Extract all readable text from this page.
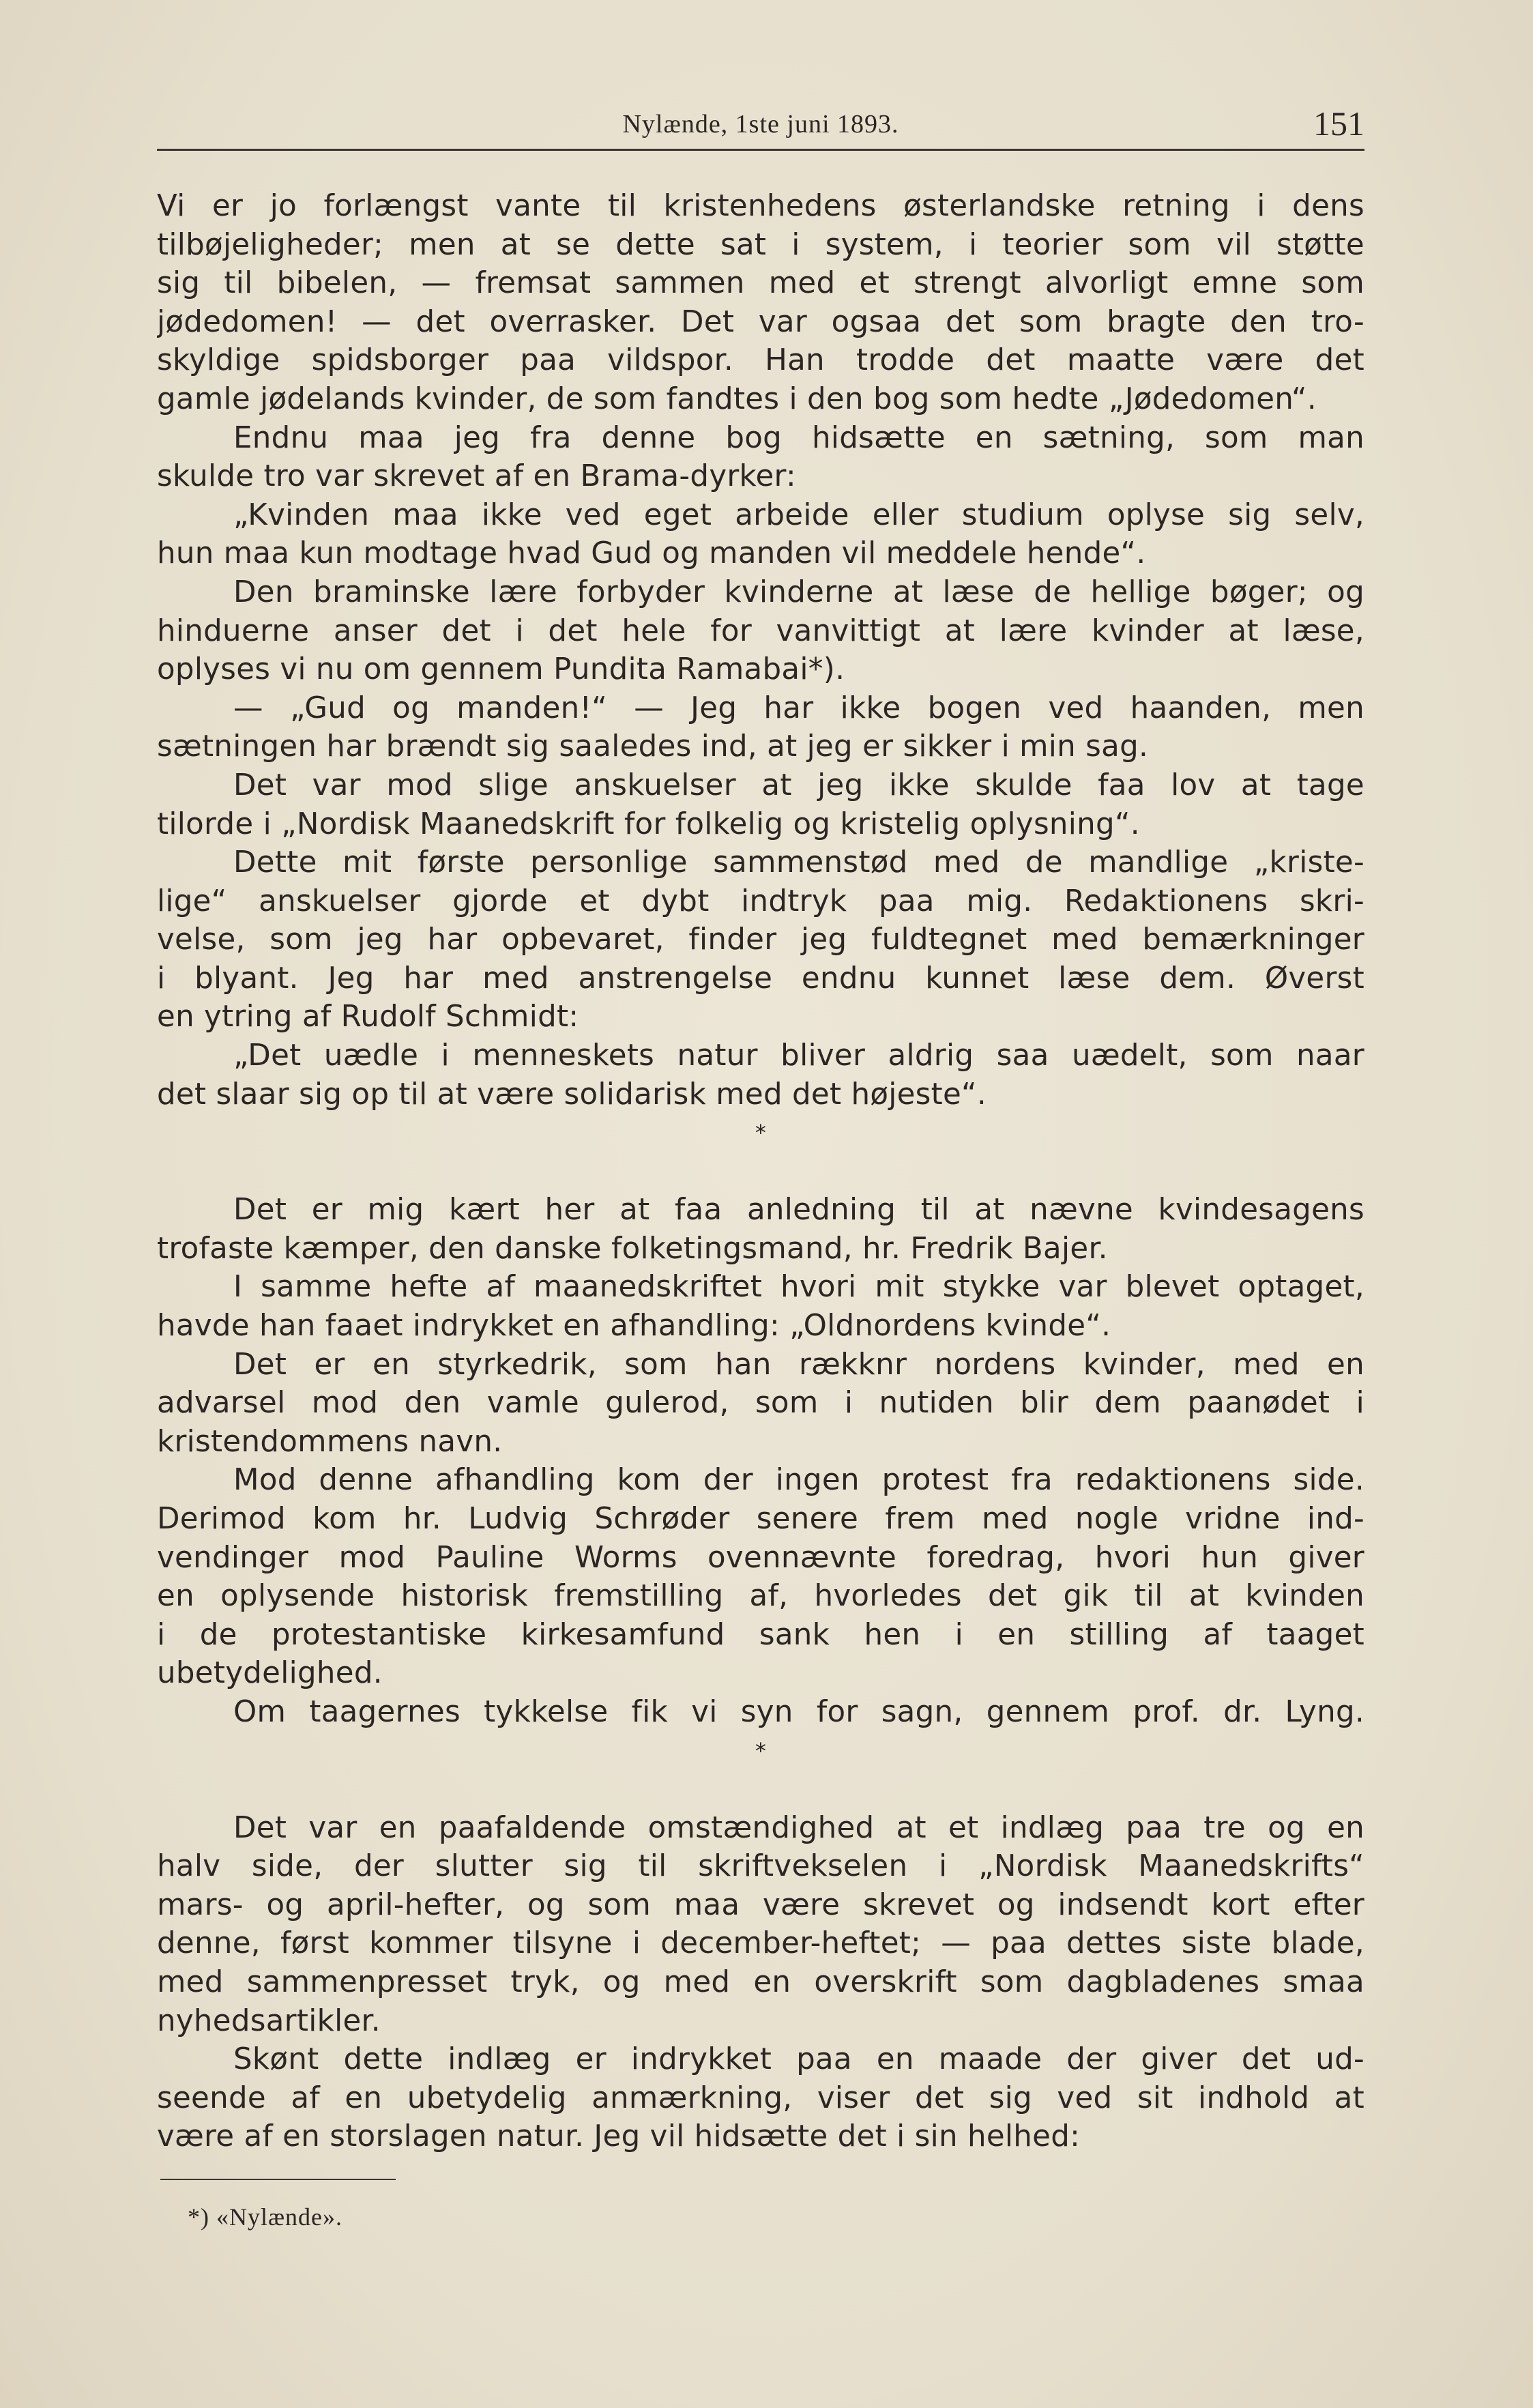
Nylænde, 1ste juni 1893.	151
Vi er jo forlængst vante til kristenhedens østerlandske retning i dens
tilbøjeligheder; men at se dette sat i system, i teorier som vil støtte
sig til bibelen, — fremsat sammen med et strengt alvorligt emne som
jødedomen! — det overrasker. Det var ogsaa det som bragte den tro-
skyldige spidsborger paa vildspor. Han trodde det maatte være det
gamle jødelands kvinder, de som fandtes i den bog som hedte „Jødedomen“.
Endnu maa jeg fra denne bog hidsætte en sætning, som man
skulde tro var skrevet af en Brama-dyrker:
„Kvinden maa ikke ved eget arbeide eller studium oplyse sig selv,
hun maa kun modtage hvad Gud og manden vil meddele hende“.
Den braminske lære forbyder kvinderne at læse de hellige bøger; og
hinduerne anser det i det hele for vanvittigt at lære kvinder at læse,
oplyses vi nu om gennem Pundita Ramabai*).
— „Gud og manden!“ — Jeg har ikke bogen ved haanden, men
sætningen har brændt sig saaledes ind, at jeg er sikker i min sag.
Det var mod slige anskuelser at jeg ikke skulde faa lov at tage
tilorde i „Nordisk Maanedskrift for folkelig og kristelig oplysning“.
Dette mit første personlige sammenstød med de mandlige „kriste-
lige“ anskuelser gjorde et dybt indtryk paa mig. Redaktionens skri-
velse, som jeg har opbevaret, finder jeg fuldtegnet med bemærkninger
i blyant. Jeg har med anstrengelse endnu kunnet læse dem. Øverst
en ytring af Rudolf Schmidt:
„Det uædle i menneskets natur bliver aldrig saa uædelt, som naar
det slaar sig op til at være solidarisk med det højeste“.
*
Det er mig kært her at faa anledning til at nævne kvindesagens
trofaste kæmper, den danske folketingsmand, hr. Fredrik Bajer.
I samme hefte af maanedskriftet hvori mit stykke var blevet optaget,
havde han faaet indrykket en afhandling: „Oldnordens kvinde“.
Det er en styrkedrik, som han rækknr nordens kvinder, med en
advarsel mod den vamle gulerod, som i nutiden blir dem paanødet i
kristendommens navn.
Mod denne afhandling kom der ingen protest fra redaktionens side.
Derimod kom hr. Ludvig Schrøder senere frem med nogle vridne ind-
vendinger mod Pauline Worms ovennævnte foredrag, hvori hun giver
en oplysende historisk fremstilling af, hvorledes det gik til at kvinden
i de protestantiske kirkesamfund sank hen i en stilling af taaget
ubetydelighed.
Om taagernes tykkelse fik vi syn for sagn, gennem prof. dr. Lyng.
*
Det var en paafaldende omstændighed at et indlæg paa tre og en
halv side, der slutter sig til skriftvekselen i „Nordisk Maanedskrifts“
mars- og april-hefter, og som maa være skrevet og indsendt kort efter
denne, først kommer tilsyne i december-heftet; — paa dettes siste blade,
med sammenpresset tryk, og med en overskrift som dagbladenes smaa
nyhedsartikler.
Skønt dette indlæg er indrykket paa en maade der giver det ud-
seende af en ubetydelig anmærkning, viser det sig ved sit indhold at
være af en storslagen natur. Jeg vil hidsætte det i sin helhed:
*) «Nylænde».
